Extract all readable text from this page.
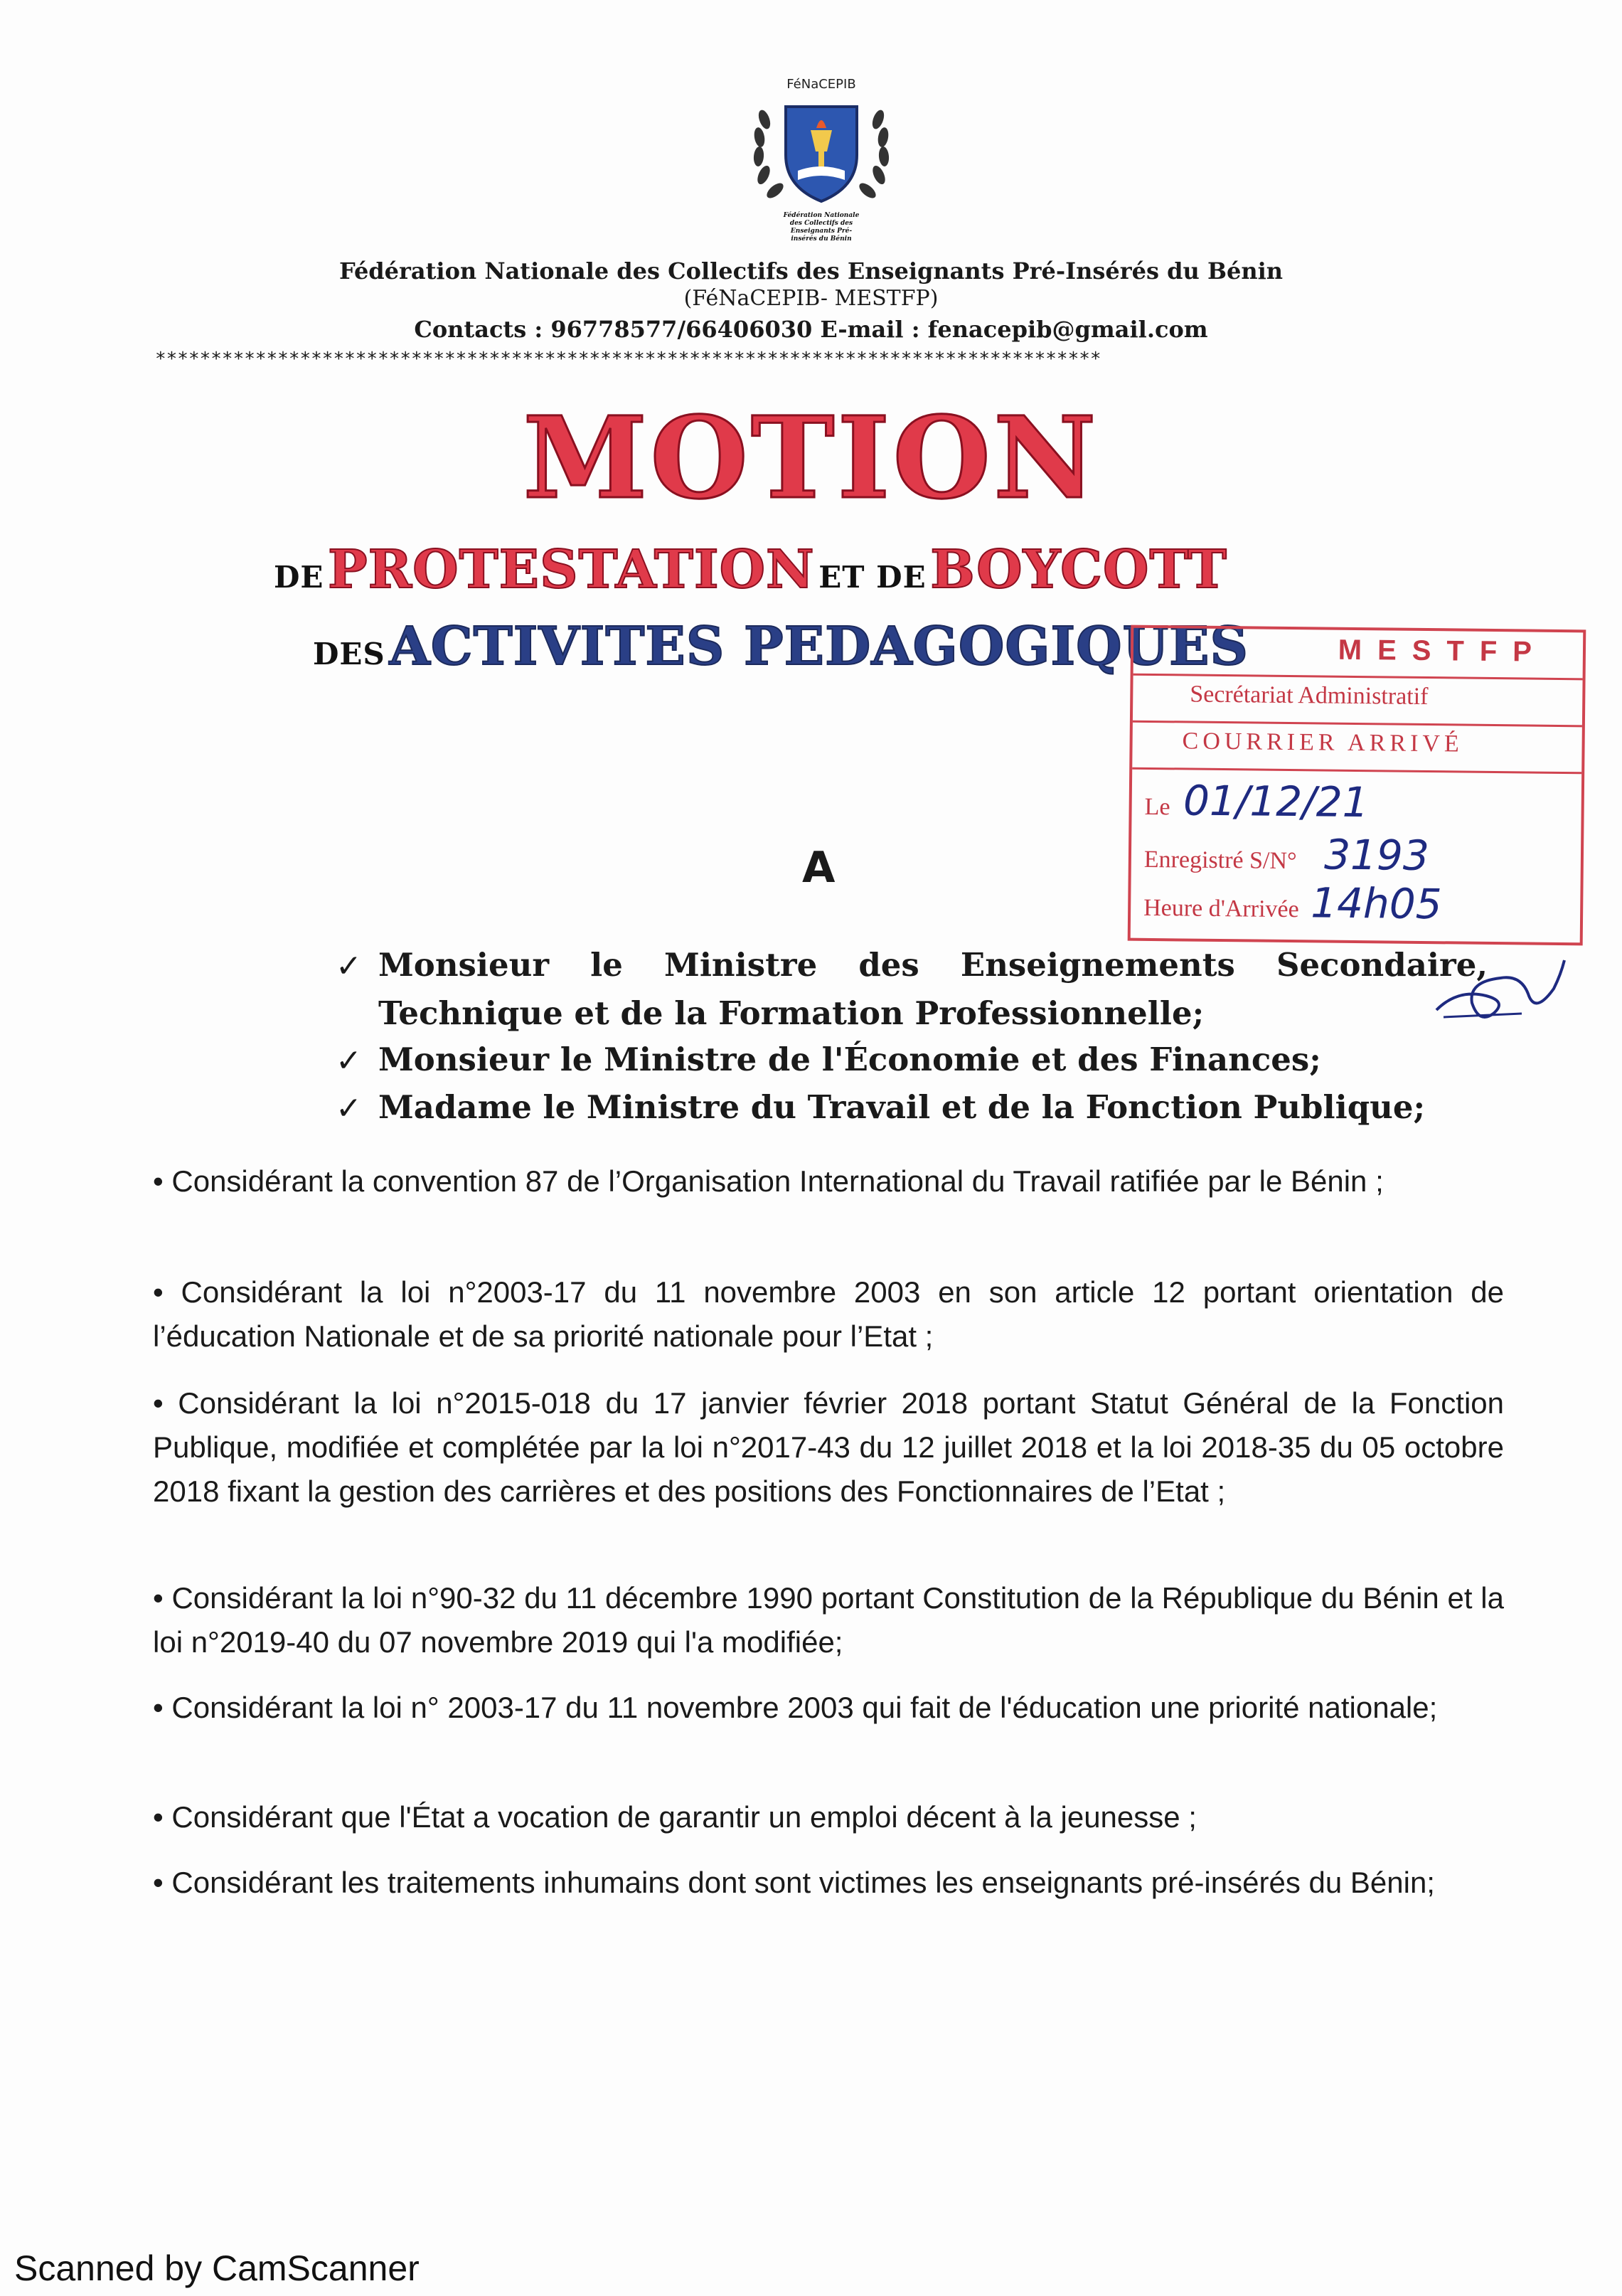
FéNaCEPIB
Fédération Nationale des Collectifs des Enseignants Pré-insérés du Bénin
Fédération Nationale des Collectifs des Enseignants Pré-Insérés du Bénin
(FéNaCEPIB- MESTFP)
Contacts : 96778577/66406030 E-mail : fenacepib@gmail.com
*************************************************************************************
MOTION
DE PROTESTATION ET DE BOYCOTT
DES ACTIVITES PEDAGOGIQUES	MESTFP
Secrétariat Administratif
COURRIER ARRIVÉ
Le 01/12/21
Enregistré S/N° 3193
Heure d'Arrivée 14h05
A
✓ Monsieur le Ministre des Enseignements Secondaire,
Technique et de la Formation Professionnelle;
✓ Monsieur le Ministre de l'Économie et des Finances;
✓ Madame le Ministre du Travail et de la Fonction Publique;
• Considérant la convention 87 de l’Organisation International du Travail ratifiée par le Bénin ;
• Considérant la loi n°2003-17 du 11 novembre 2003 en son article 12 portant orientation de l’éducation Nationale et de sa priorité nationale pour l’Etat ;
• Considérant la loi n°2015-018 du 17 janvier février 2018 portant Statut Général de la Fonction Publique, modifiée et complétée par la loi n°2017-43 du 12 juillet 2018 et la loi 2018-35 du 05 octobre 2018 fixant la gestion des carrières et des positions des Fonctionnaires de l’Etat ;
• Considérant la loi n°90-32 du 11 décembre 1990 portant Constitution de la République du Bénin et la loi n°2019-40 du 07 novembre 2019 qui l'a modifiée;
• Considérant la loi n° 2003-17 du 11 novembre 2003 qui fait de l'éducation une priorité nationale;
• Considérant que l'État a vocation de garantir un emploi décent à la jeunesse ;
• Considérant les traitements inhumains dont sont victimes les enseignants pré-insérés du Bénin;
Scanned by CamScanner
